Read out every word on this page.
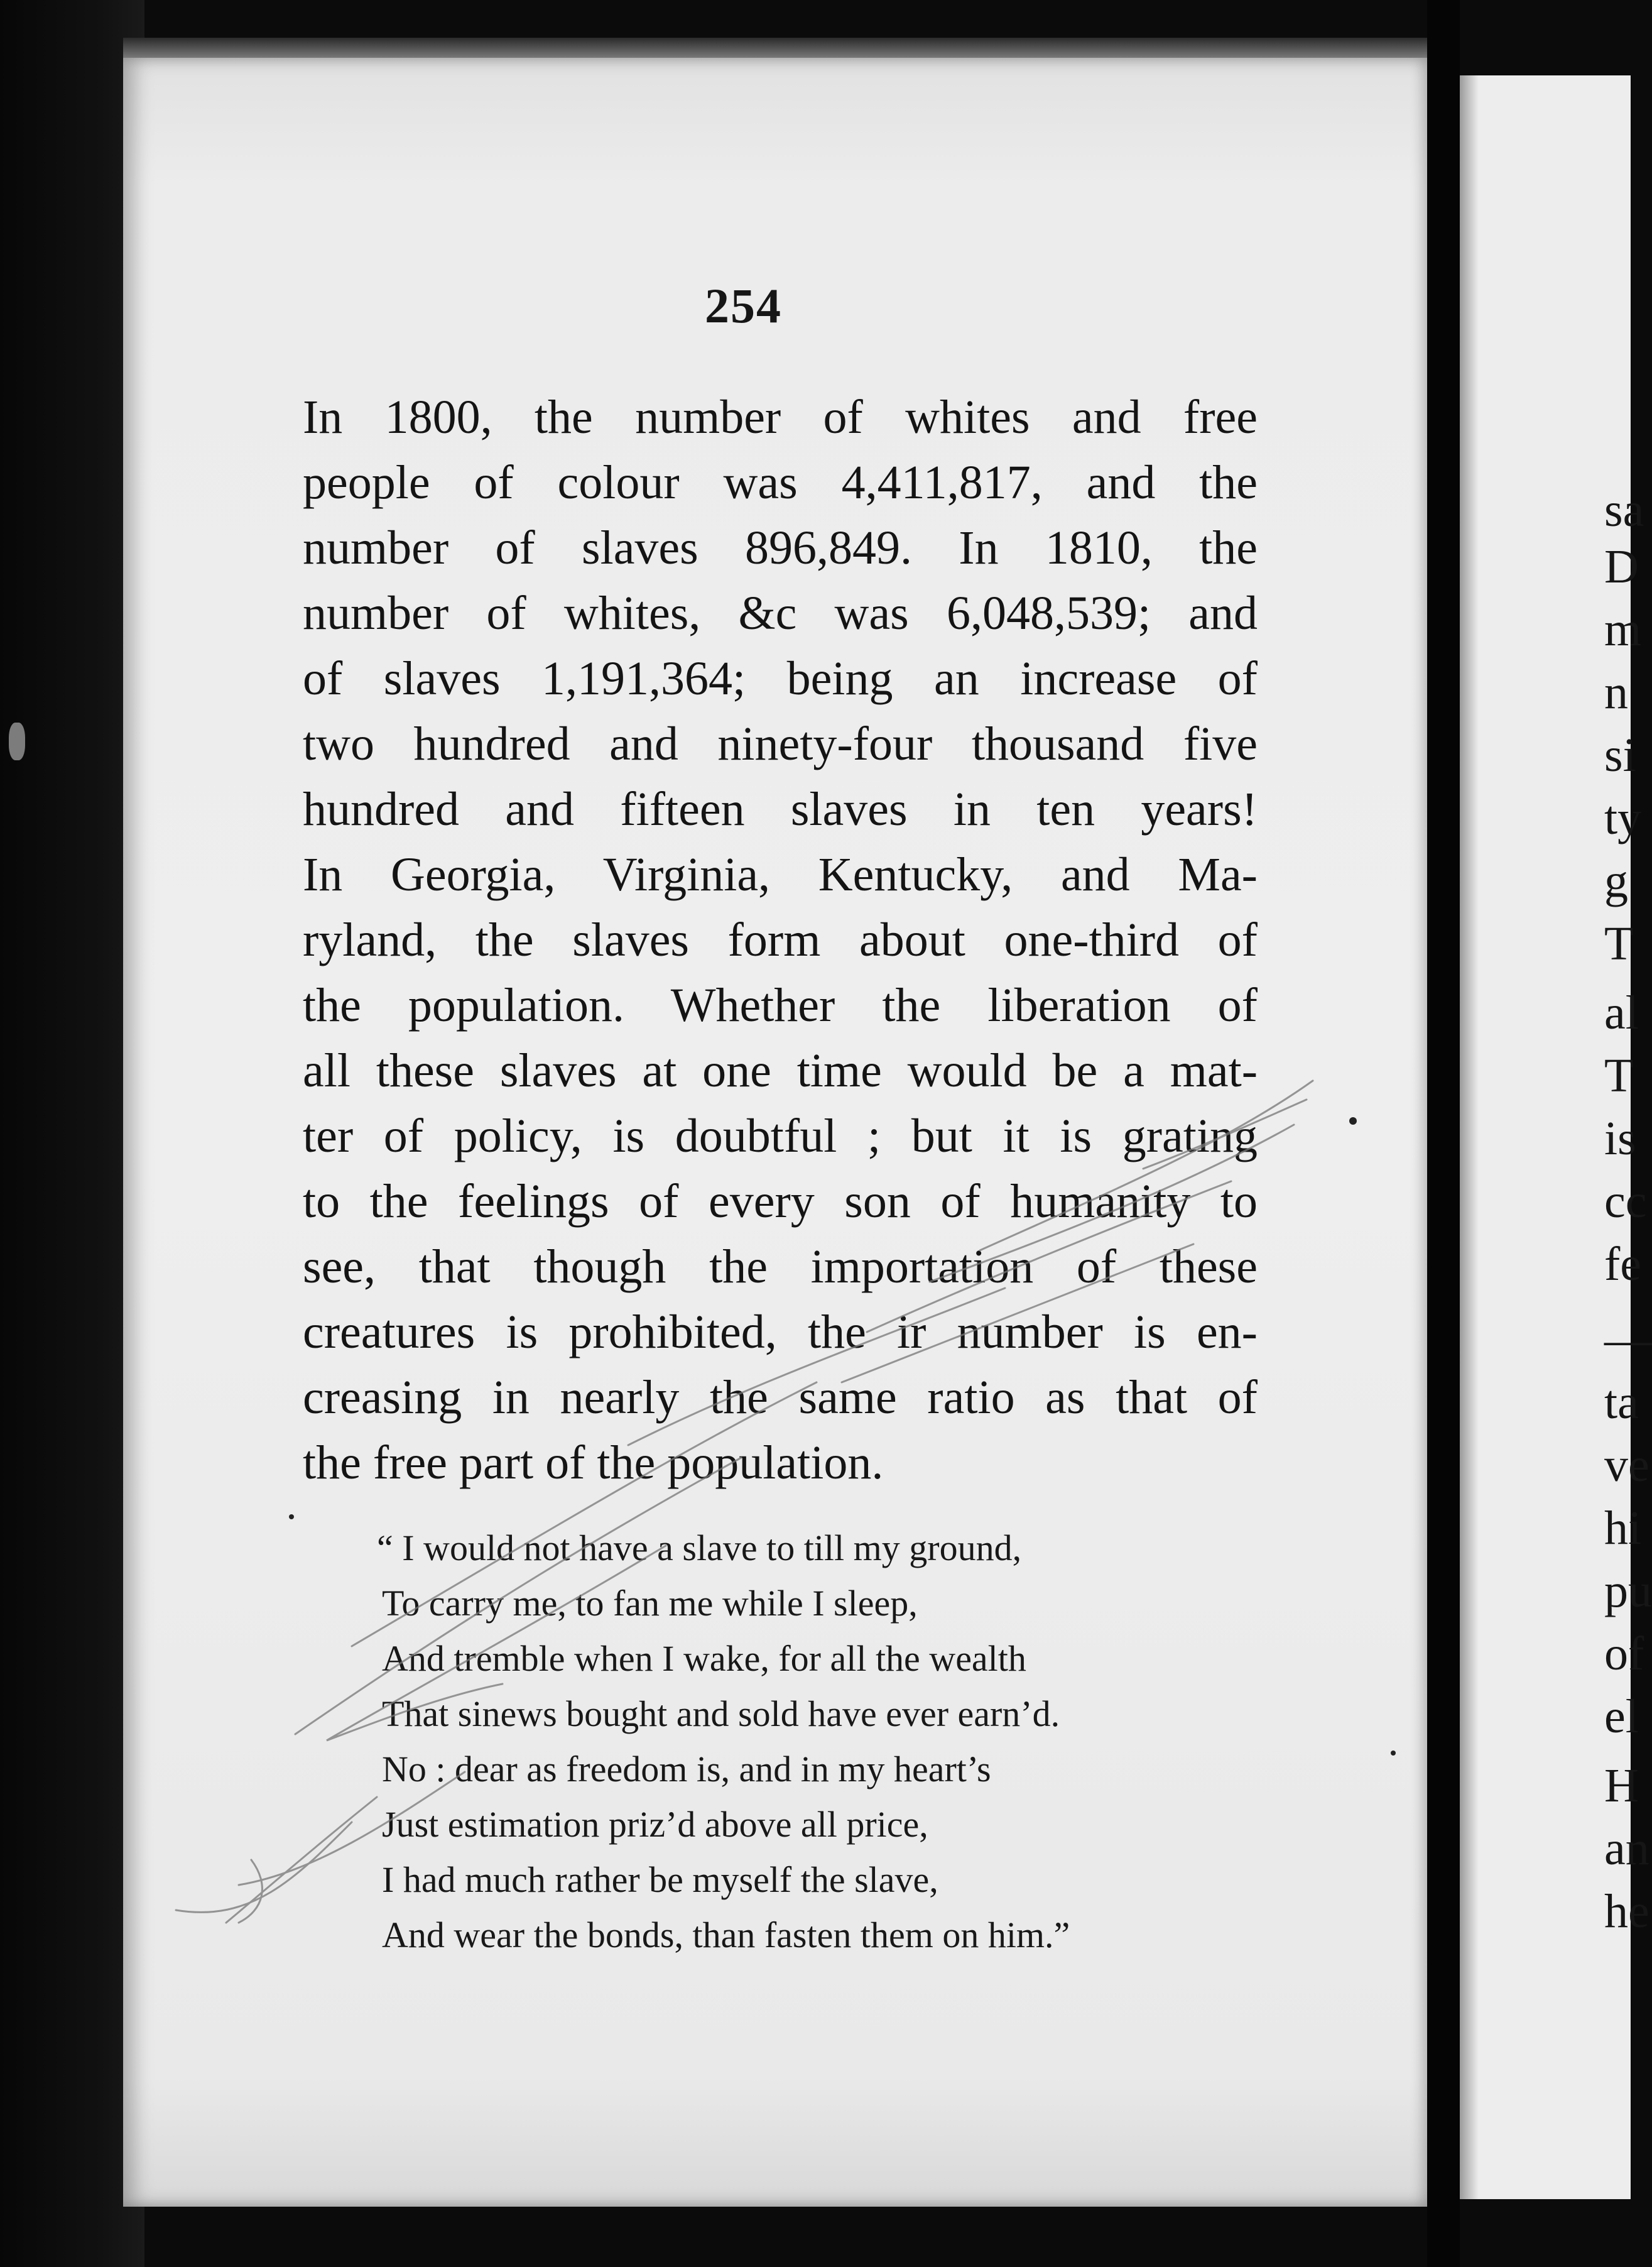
254
In 1800, the number of whites and free
people of colour was 4,411,817, and the
number of slaves 896,849. In 1810, the
number of whites, &c was 6,048,539; and
of slaves 1,191,364; being an increase of
two hundred and ninety-four thousand five
hundred and fifteen slaves in ten years!
In Georgia, Virginia, Kentucky, and Ma-
ryland, the slaves form about one-third of
the population. Whether the liberation of
all these slaves at one time would be a mat-
ter of policy, is doubtful ; but it is grating
to the feelings of every son of humanity to
see, that though the importation of these
creatures is prohibited, the ir number is en-
creasing in nearly the same ratio as that of
the free part of the population.
“ I would not have a slave to till my ground,
To carry me, to fan me while I sleep,
And tremble when I wake, for all the wealth
That sinews bought and sold have ever earn’d.
No : dear as freedom is, and in my heart’s
Just estimation priz’d above all price,
I had much rather be myself the slave,
And wear the bonds, than fasten them on him.”
sa
D
m
n
si
ty
g
T
al
T
is
cc
fe
—
ta
ve
hi
pu
of
el
H
an
he
